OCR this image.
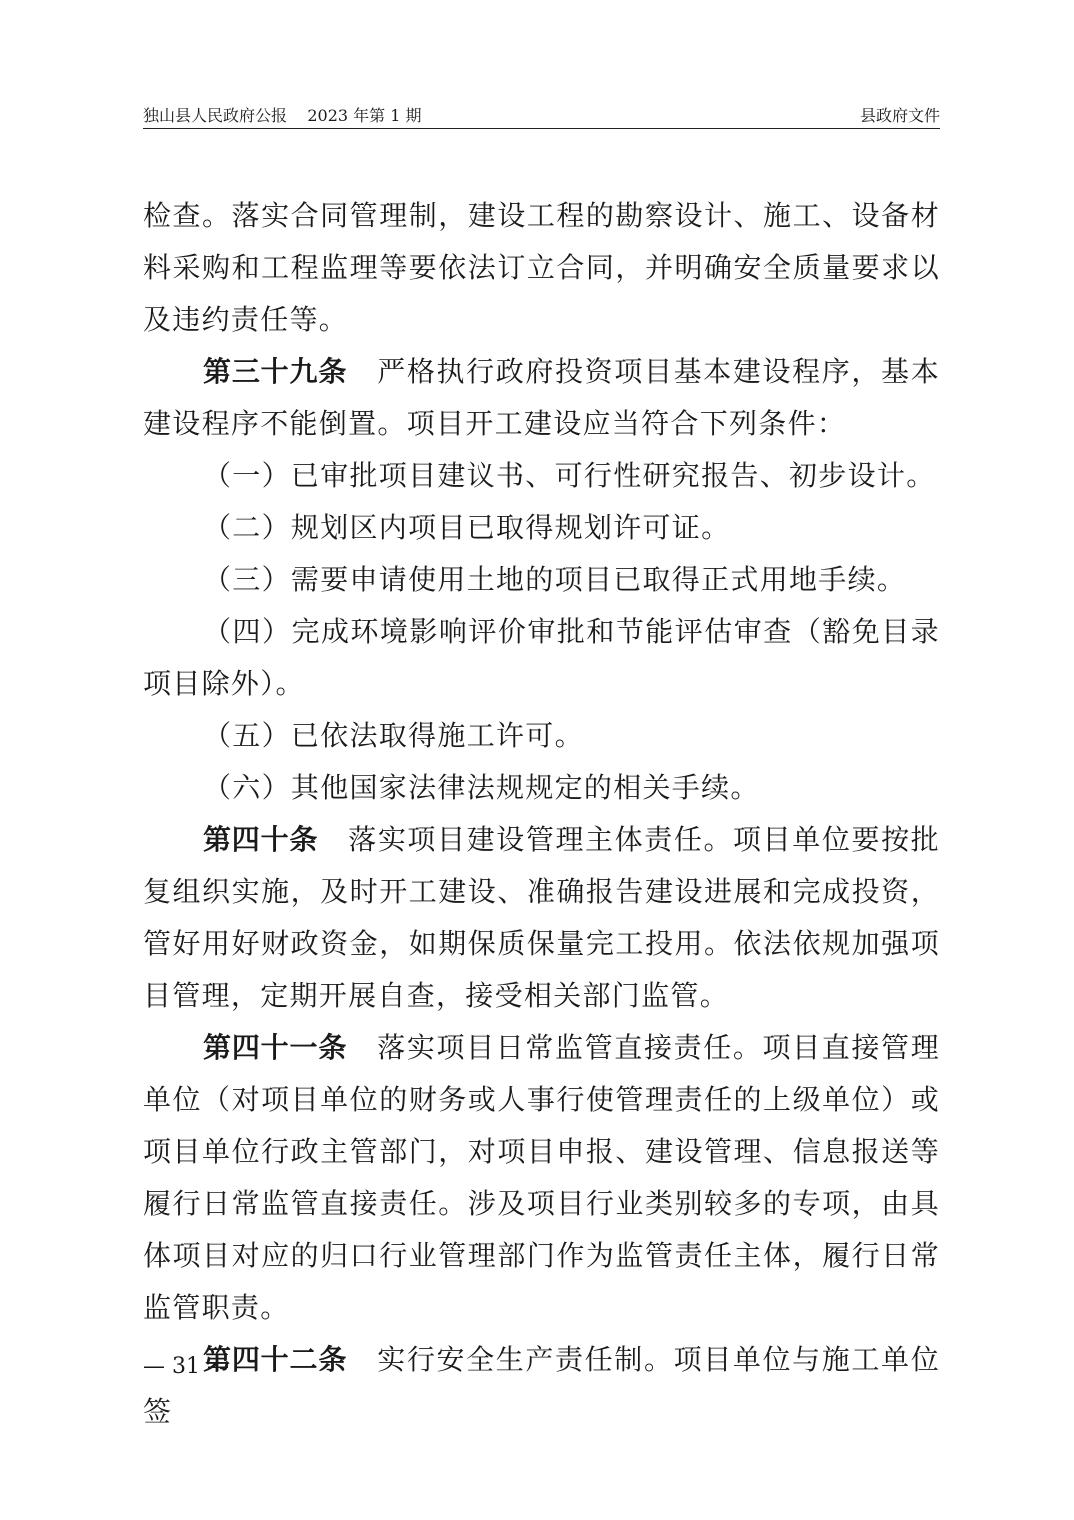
独山县人民政府公报 2023 年第 1 期	县政府文件

检查。落实合同管理制，建设工程的勘察设计、施工、设备材料采购和工程监理等要依法订立合同，并明确安全质量要求以及违约责任等。

第三十九条 严格执行政府投资项目基本建设程序，基本建设程序不能倒置。项目开工建设应当符合下列条件：

（一）已审批项目建议书、可行性研究报告、初步设计。

（二）规划区内项目已取得规划许可证。

（三）需要申请使用土地的项目已取得正式用地手续。

（四）完成环境影响评价审批和节能评估审查（豁免目录项目除外）。

（五）已依法取得施工许可。

（六）其他国家法律法规规定的相关手续。

第四十条 落实项目建设管理主体责任。项目单位要按批复组织实施，及时开工建设、准确报告建设进展和完成投资，管好用好财政资金，如期保质保量完工投用。依法依规加强项目管理，定期开展自查，接受相关部门监管。

第四十一条 落实项目日常监管直接责任。项目直接管理单位（对项目单位的财务或人事行使管理责任的上级单位）或项目单位行政主管部门，对项目申报、建设管理、信息报送等履行日常监管直接责任。涉及项目行业类别较多的专项，由具体项目对应的归口行业管理部门作为监管责任主体，履行日常监管职责。

第四十二条 实行安全生产责任制。项目单位与施工单位签

— 31 —
